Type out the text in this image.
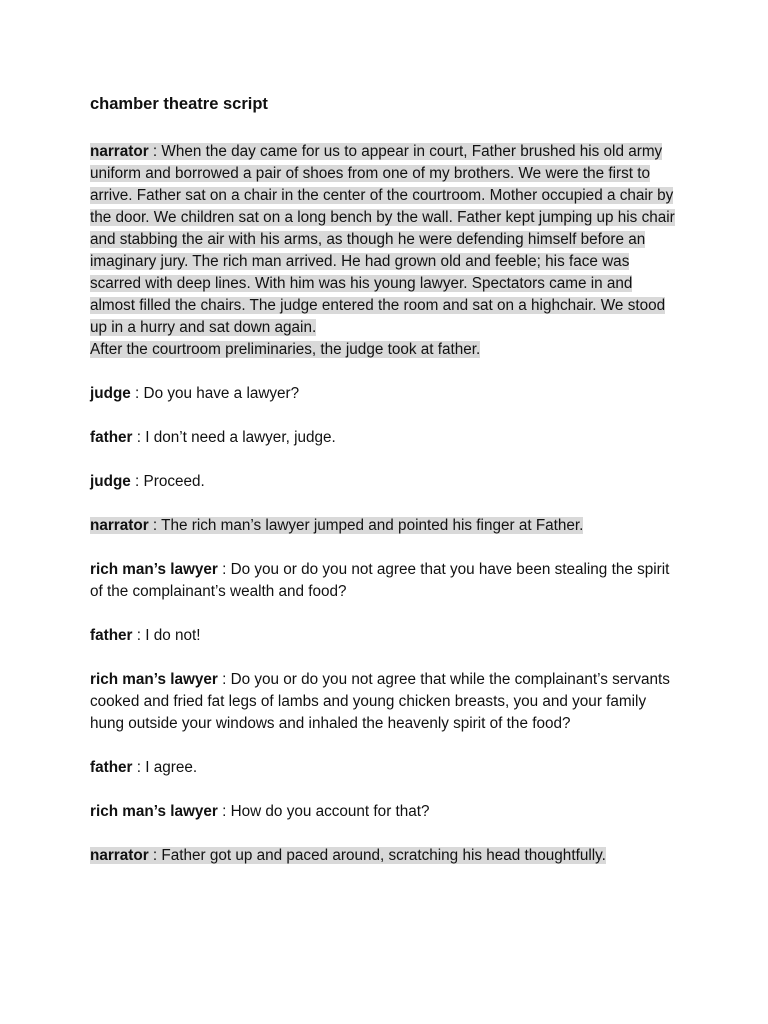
chamber theatre script
narrator : When the day came for us to appear in court, Father brushed his old army uniform and borrowed a pair of shoes from one of my brothers. We were the first to arrive. Father sat on a chair in the center of the courtroom. Mother occupied a chair by the door. We children sat on a long bench by the wall. Father kept jumping up his chair and stabbing the air with his arms, as though he were defending himself before an imaginary jury. The rich man arrived. He had grown old and feeble; his face was scarred with deep lines. With him was his young lawyer. Spectators came in and almost filled the chairs. The judge entered the room and sat on a highchair. We stood up in a hurry and sat down again.
After the courtroom preliminaries, the judge took at father.
judge : Do you have a lawyer?
father : I don’t need a lawyer, judge.
judge : Proceed.
narrator : The rich man’s lawyer jumped and pointed his finger at Father.
rich man’s lawyer : Do you or do you not agree that you have been stealing the spirit of the complainant’s wealth and food?
father : I do not!
rich man’s lawyer : Do you or do you not agree that while the complainant’s servants cooked and fried fat legs of lambs and young chicken breasts, you and your family hung outside your windows and inhaled the heavenly spirit of the food?
father : I agree.
rich man’s lawyer : How do you account for that?
narrator : Father got up and paced around, scratching his head thoughtfully.
